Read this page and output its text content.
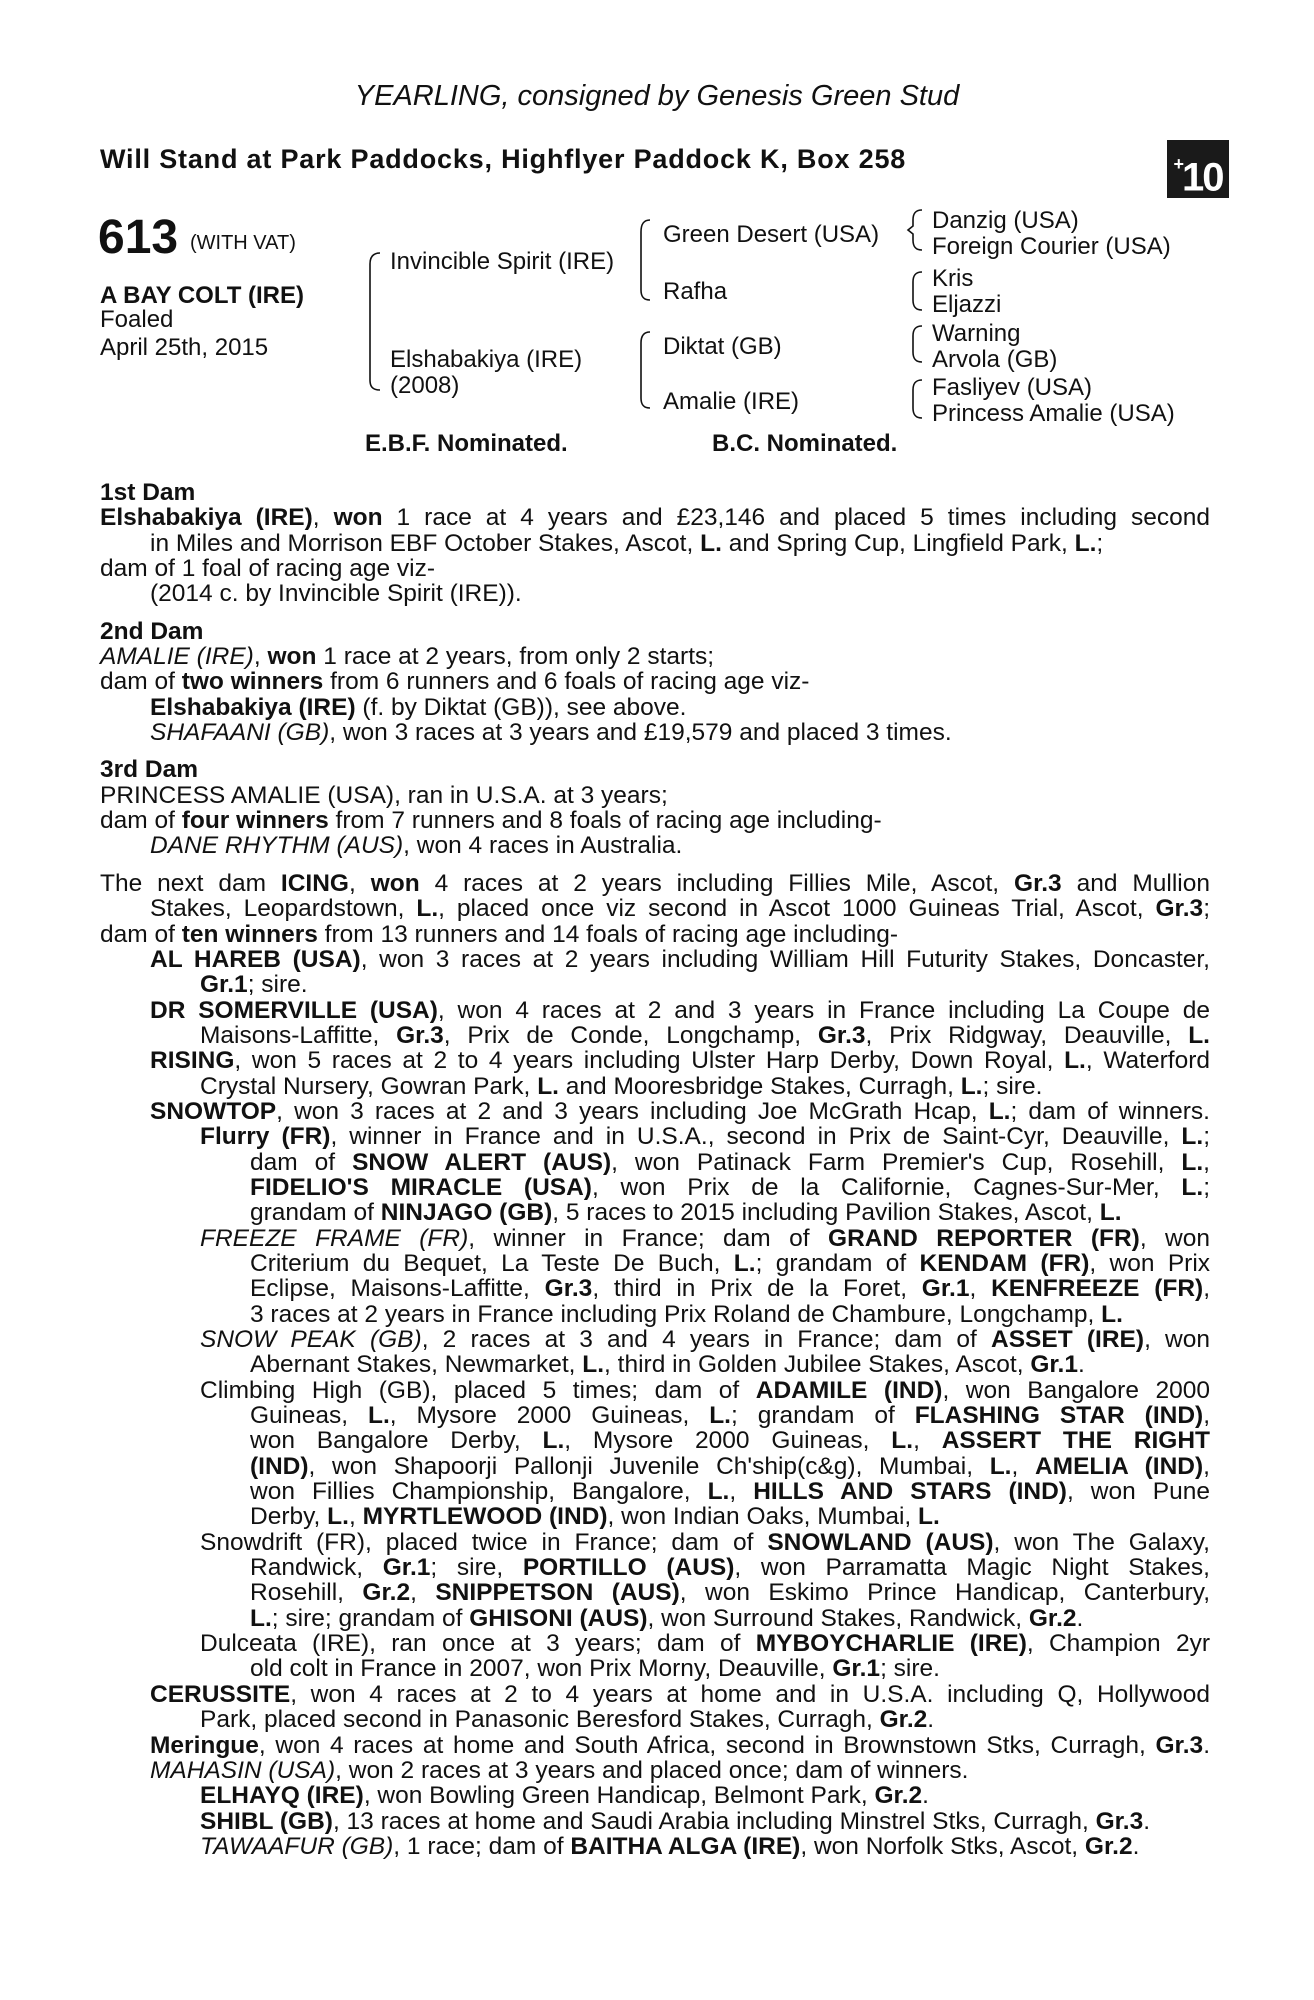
YEARLING, consigned by Genesis Green Stud
Will Stand at Park Paddocks, Highflyer Paddock K, Box 258	+10
613 (WITH VAT)
A BAY COLT (IRE)
Foaled
April 25th, 2015
Invincible Spirit (IRE)
Elshabakiya (IRE)
(2008)
Green Desert (USA)
Rafha
Diktat (GB)
Amalie (IRE)
Danzig (USA)
Foreign Courier (USA)
Kris
Eljazzi
Warning
Arvola (GB)
Fasliyev (USA)
Princess Amalie (USA)
E.B.F. Nominated.	B.C. Nominated.
1st Dam
Elshabakiya (IRE), won 1 race at 4 years and £23,146 and placed 5 times including second
in Miles and Morrison EBF October Stakes, Ascot, L. and Spring Cup, Lingfield Park, L.;
dam of 1 foal of racing age viz-
(2014 c. by Invincible Spirit (IRE)).
2nd Dam
AMALIE (IRE), won 1 race at 2 years, from only 2 starts;
dam of two winners from 6 runners and 6 foals of racing age viz-
Elshabakiya (IRE) (f. by Diktat (GB)), see above.
SHAFAANI (GB), won 3 races at 3 years and £19,579 and placed 3 times.
3rd Dam
PRINCESS AMALIE (USA), ran in U.S.A. at 3 years;
dam of four winners from 7 runners and 8 foals of racing age including-
DANE RHYTHM (AUS), won 4 races in Australia.
The next dam ICING, won 4 races at 2 years including Fillies Mile, Ascot, Gr.3 and Mullion
Stakes, Leopardstown, L., placed once viz second in Ascot 1000 Guineas Trial, Ascot, Gr.3;
dam of ten winners from 13 runners and 14 foals of racing age including-
AL HAREB (USA), won 3 races at 2 years including William Hill Futurity Stakes, Doncaster,
Gr.1; sire.
DR SOMERVILLE (USA), won 4 races at 2 and 3 years in France including La Coupe de
Maisons-Laffitte, Gr.3, Prix de Conde, Longchamp, Gr.3, Prix Ridgway, Deauville, L.
RISING, won 5 races at 2 to 4 years including Ulster Harp Derby, Down Royal, L., Waterford
Crystal Nursery, Gowran Park, L. and Mooresbridge Stakes, Curragh, L.; sire.
SNOWTOP, won 3 races at 2 and 3 years including Joe McGrath Hcap, L.; dam of winners.
Flurry (FR), winner in France and in U.S.A., second in Prix de Saint-Cyr, Deauville, L.;
dam of SNOW ALERT (AUS), won Patinack Farm Premier's Cup, Rosehill, L.,
FIDELIO'S MIRACLE (USA), won Prix de la Californie, Cagnes-Sur-Mer, L.;
grandam of NINJAGO (GB), 5 races to 2015 including Pavilion Stakes, Ascot, L.
FREEZE FRAME (FR), winner in France; dam of GRAND REPORTER (FR), won
Criterium du Bequet, La Teste De Buch, L.; grandam of KENDAM (FR), won Prix
Eclipse, Maisons-Laffitte, Gr.3, third in Prix de la Foret, Gr.1, KENFREEZE (FR),
3 races at 2 years in France including Prix Roland de Chambure, Longchamp, L.
SNOW PEAK (GB), 2 races at 3 and 4 years in France; dam of ASSET (IRE), won
Abernant Stakes, Newmarket, L., third in Golden Jubilee Stakes, Ascot, Gr.1.
Climbing High (GB), placed 5 times; dam of ADAMILE (IND), won Bangalore 2000
Guineas, L., Mysore 2000 Guineas, L.; grandam of FLASHING STAR (IND),
won Bangalore Derby, L., Mysore 2000 Guineas, L., ASSERT THE RIGHT
(IND), won Shapoorji Pallonji Juvenile Ch'ship(c&g), Mumbai, L., AMELIA (IND),
won Fillies Championship, Bangalore, L., HILLS AND STARS (IND), won Pune
Derby, L., MYRTLEWOOD (IND), won Indian Oaks, Mumbai, L.
Snowdrift (FR), placed twice in France; dam of SNOWLAND (AUS), won The Galaxy,
Randwick, Gr.1; sire, PORTILLO (AUS), won Parramatta Magic Night Stakes,
Rosehill, Gr.2, SNIPPETSON (AUS), won Eskimo Prince Handicap, Canterbury,
L.; sire; grandam of GHISONI (AUS), won Surround Stakes, Randwick, Gr.2.
Dulceata (IRE), ran once at 3 years; dam of MYBOYCHARLIE (IRE), Champion 2yr
old colt in France in 2007, won Prix Morny, Deauville, Gr.1; sire.
CERUSSITE, won 4 races at 2 to 4 years at home and in U.S.A. including Q, Hollywood
Park, placed second in Panasonic Beresford Stakes, Curragh, Gr.2.
Meringue, won 4 races at home and South Africa, second in Brownstown Stks, Curragh, Gr.3.
MAHASIN (USA), won 2 races at 3 years and placed once; dam of winners.
ELHAYQ (IRE), won Bowling Green Handicap, Belmont Park, Gr.2.
SHIBL (GB), 13 races at home and Saudi Arabia including Minstrel Stks, Curragh, Gr.3.
TAWAAFUR (GB), 1 race; dam of BAITHA ALGA (IRE), won Norfolk Stks, Ascot, Gr.2.
